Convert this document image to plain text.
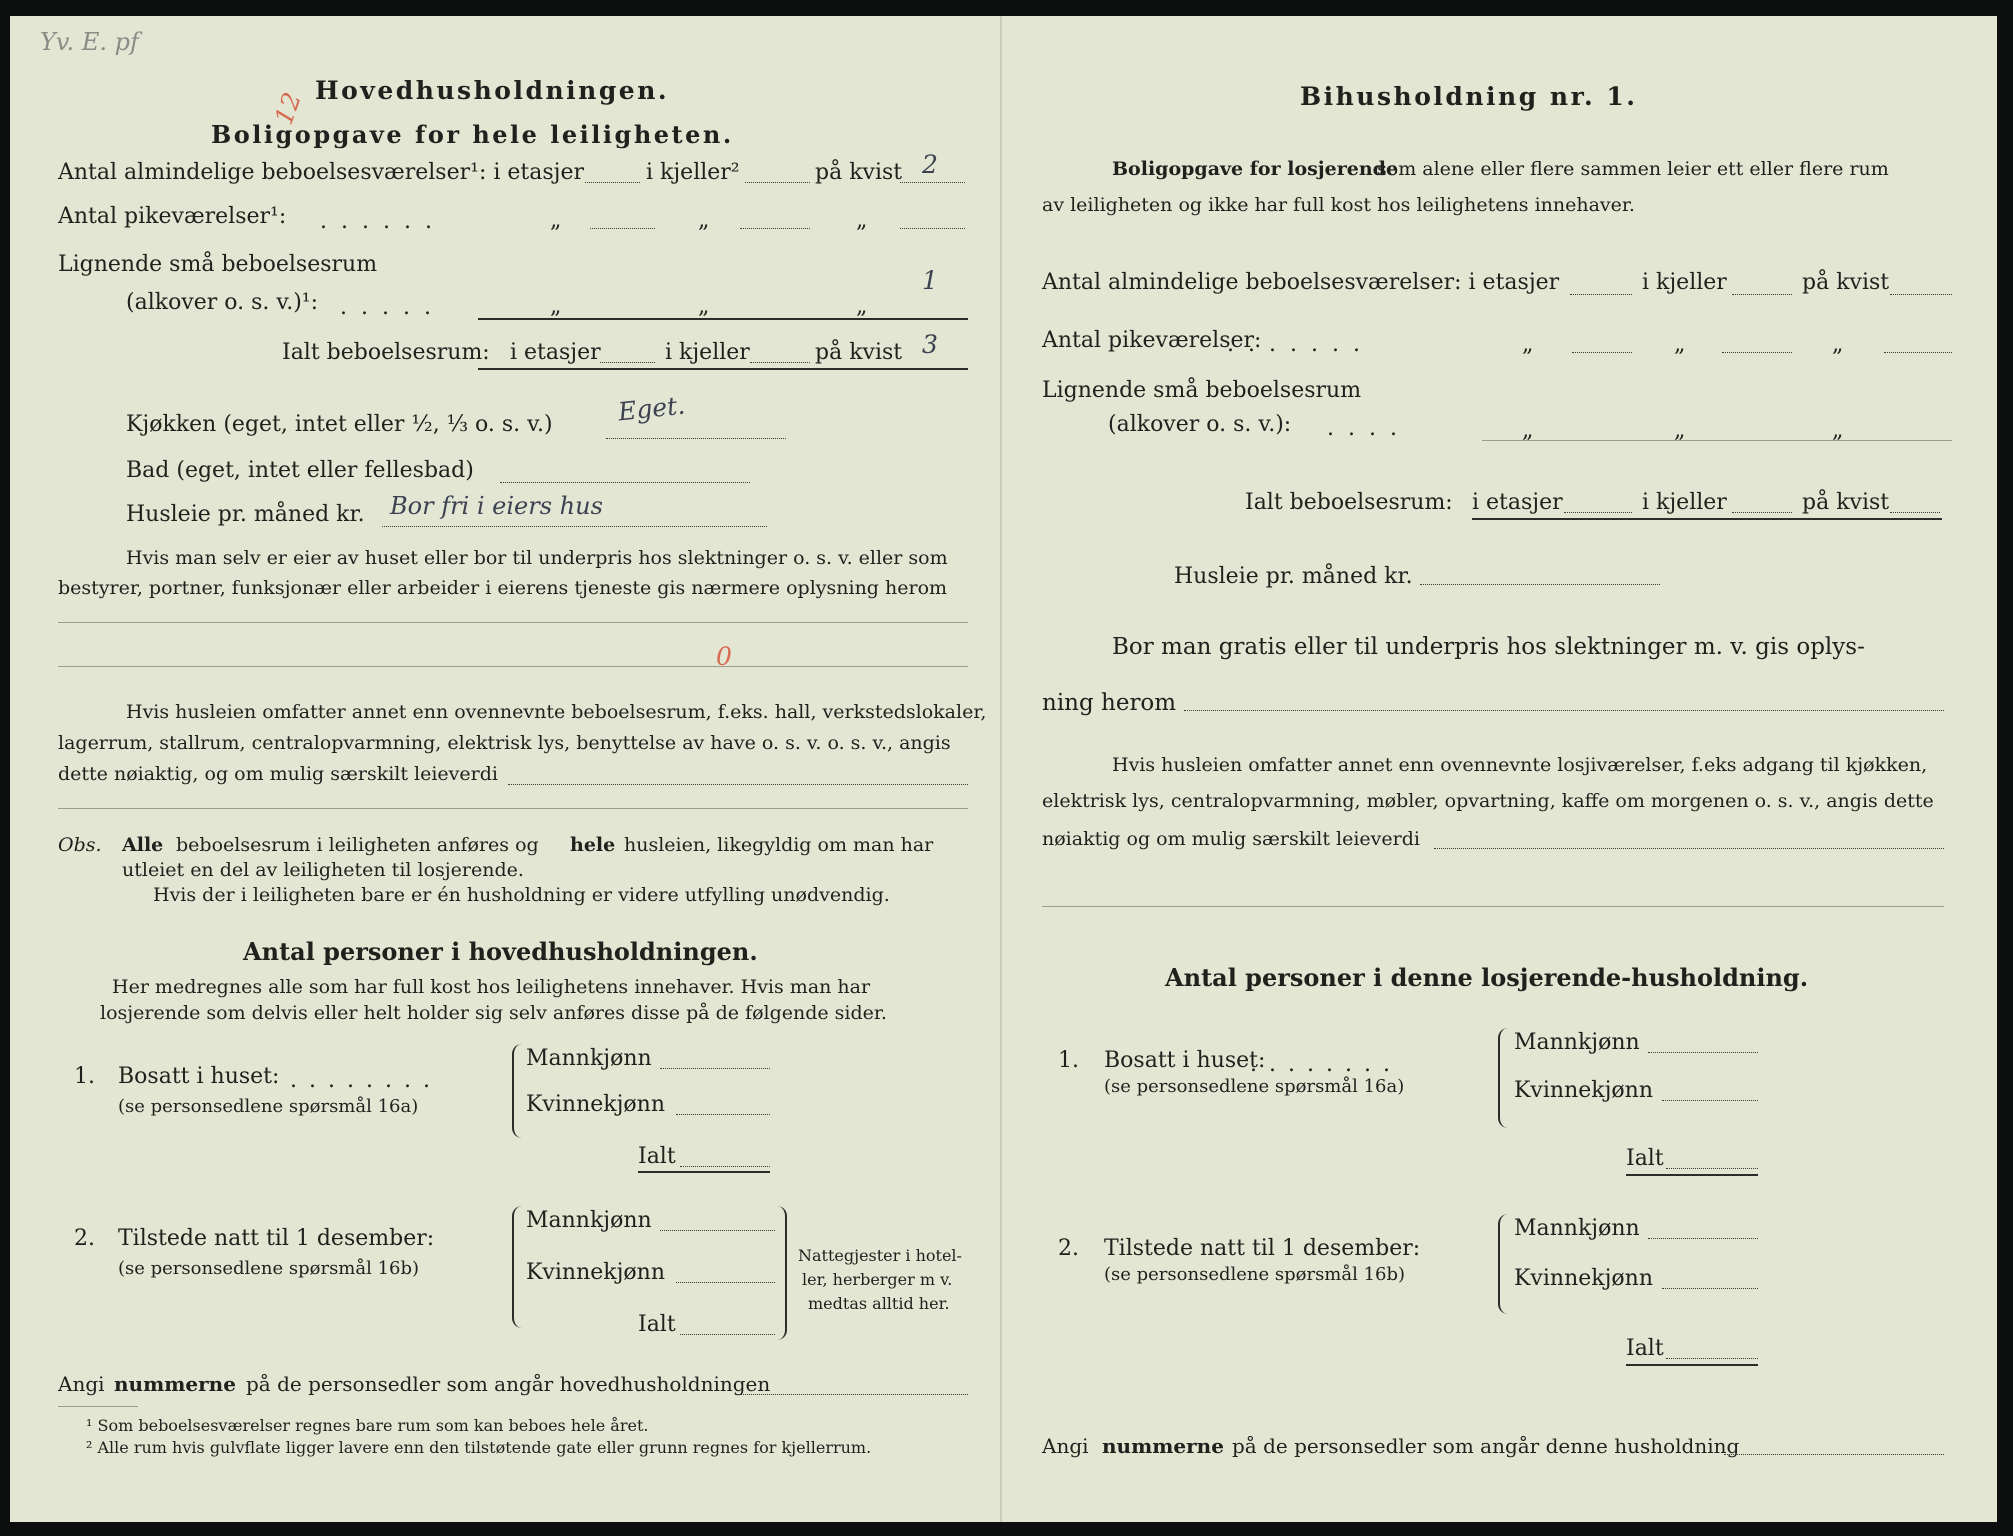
Yv. E. pf
12 Hovedhusholdningen.
Boligopgave for hele leiligheten.
Antal almindelige beboelsesværelser¹: i etasjer	i kjeller²	på kvist 2
Antal pikeværelser¹: ......	„	„	„
Lignende små beboelsesrum
(alkover o. s. v.)¹: .....	„	„	„
1
Ialt beboelsesrum: i etasjer	i kjeller	på kvist 3
Kjøkken (eget, intet eller ½, ⅓ o. s. v.)	Eget.
Bad (eget, intet eller fellesbad)
Husleie pr. måned kr. Bor fri i eiers hus
Hvis man selv er eier av huset eller bor til underpris hos slektninger o. s. v. eller som
bestyrer, portner, funksjonær eller arbeider i eierens tjeneste gis nærmere oplysning herom
0
Hvis husleien omfatter annet enn ovennevnte beboelsesrum, f.eks. hall, verkstedslokaler,
lagerrum, stallrum, centralopvarmning, elektrisk lys, benyttelse av have o. s. v. o. s. v., angis
dette nøiaktig, og om mulig særskilt leieverdi
Obs. Alle beboelsesrum i leiligheten anføres og hele husleien, likegyldig om man har
utleiet en del av leiligheten til losjerende.
Hvis der i leiligheten bare er én husholdning er videre utfylling unødvendig.
Antal personer i hovedhusholdningen.
Her medregnes alle som har full kost hos leilighetens innehaver. Hvis man har
losjerende som delvis eller helt holder sig selv anføres disse på de følgende sider.
1. Bosatt i huset: ........
(se personsedlene spørsmål 16a)
Mannkjønn
Kvinnekjønn
Ialt
2. Tilstede natt til 1 desember:
(se personsedlene spørsmål 16b)
Mannkjønn
Kvinnekjønn
Ialt
Nattegjester i hotel-
ler, herberger m v.
medtas alltid her.
Angi nummerne på de personsedler som angår hovedhusholdningen
¹ Som beboelsesværelser regnes bare rum som kan beboes hele året.
² Alle rum hvis gulvflate ligger lavere enn den tilstøtende gate eller grunn regnes for kjellerrum.
Bihusholdning nr. 1.
Boligopgave for losjerende
som alene eller flere sammen leier ett eller flere rum
av leiligheten og ikke har full kost hos leilighetens innehaver.
Antal almindelige beboelsesværelser: i etasjer	i kjeller	på kvist
Antal pikeværelser:
.......	„	„	„
Lignende små beboelsesrum
(alkover o. s. v.): ....	„	„	„
Ialt beboelsesrum: i etasjer	i kjeller	på kvist
Husleie pr. måned kr.
Bor man gratis eller til underpris hos slektninger m. v. gis oplys-
ning herom
Hvis husleien omfatter annet enn ovennevnte losjiværelser, f.eks adgang til kjøkken,
elektrisk lys, centralopvarmning, møbler, opvartning, kaffe om morgenen o. s. v., angis dette
nøiaktig og om mulig særskilt leieverdi
Antal personer i denne losjerende-husholdning.
1. Bosatt i huset:
........
(se personsedlene spørsmål 16a)
Mannkjønn
Kvinnekjønn
Ialt
2. Tilstede natt til 1 desember:
(se personsedlene spørsmål 16b)
Mannkjønn
Kvinnekjønn
Ialt
Angi nummerne på de personsedler som angår denne husholdning
